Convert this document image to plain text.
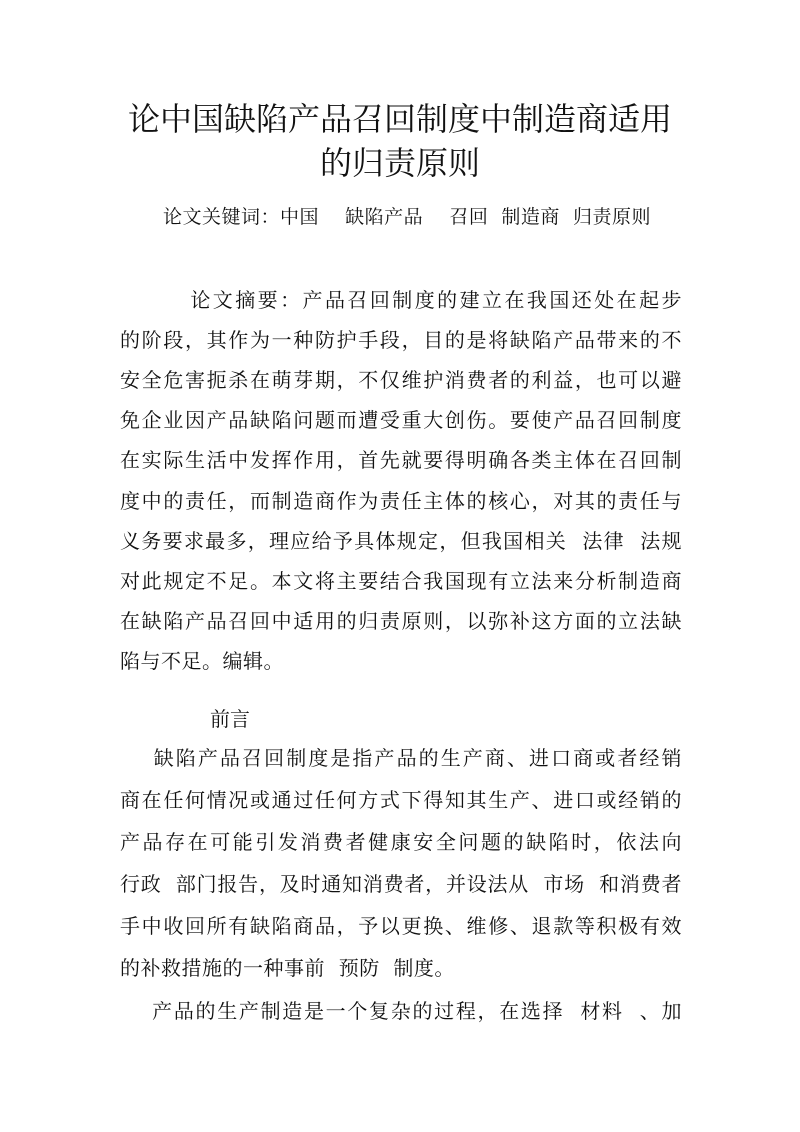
论中国缺陷产品召回制度中制造商适用
的归责原则
论文关键词：中国    缺陷产品    召回  制造商  归责原则
论文摘要：产品召回制度的建立在我国还处在起步
的阶段，其作为一种防护手段，目的是将缺陷产品带来的不
安全危害扼杀在萌芽期，不仅维护消费者的利益，也可以避
免企业因产品缺陷问题而遭受重大创伤。要使产品召回制度
在实际生活中发挥作用，首先就要得明确各类主体在召回制
度中的责任，而制造商作为责任主体的核心，对其的责任与
义务要求最多，理应给予具体规定，但我国相关  法律  法规
对此规定不足。本文将主要结合我国现有立法来分析制造商
在缺陷产品召回中适用的归责原则，以弥补这方面的立法缺
陷与不足。编辑。
前言
缺陷产品召回制度是指产品的生产商、进口商或者经销
商在任何情况或通过任何方式下得知其生产、进口或经销的
产品存在可能引发消费者健康安全问题的缺陷时，依法向
行政  部门报告，及时通知消费者，并设法从  市场  和消费者
手中收回所有缺陷商品，予以更换、维修、退款等积极有效
的补救措施的一种事前  预防  制度。
产品的生产制造是一个复杂的过程，在选择  材料  、加
